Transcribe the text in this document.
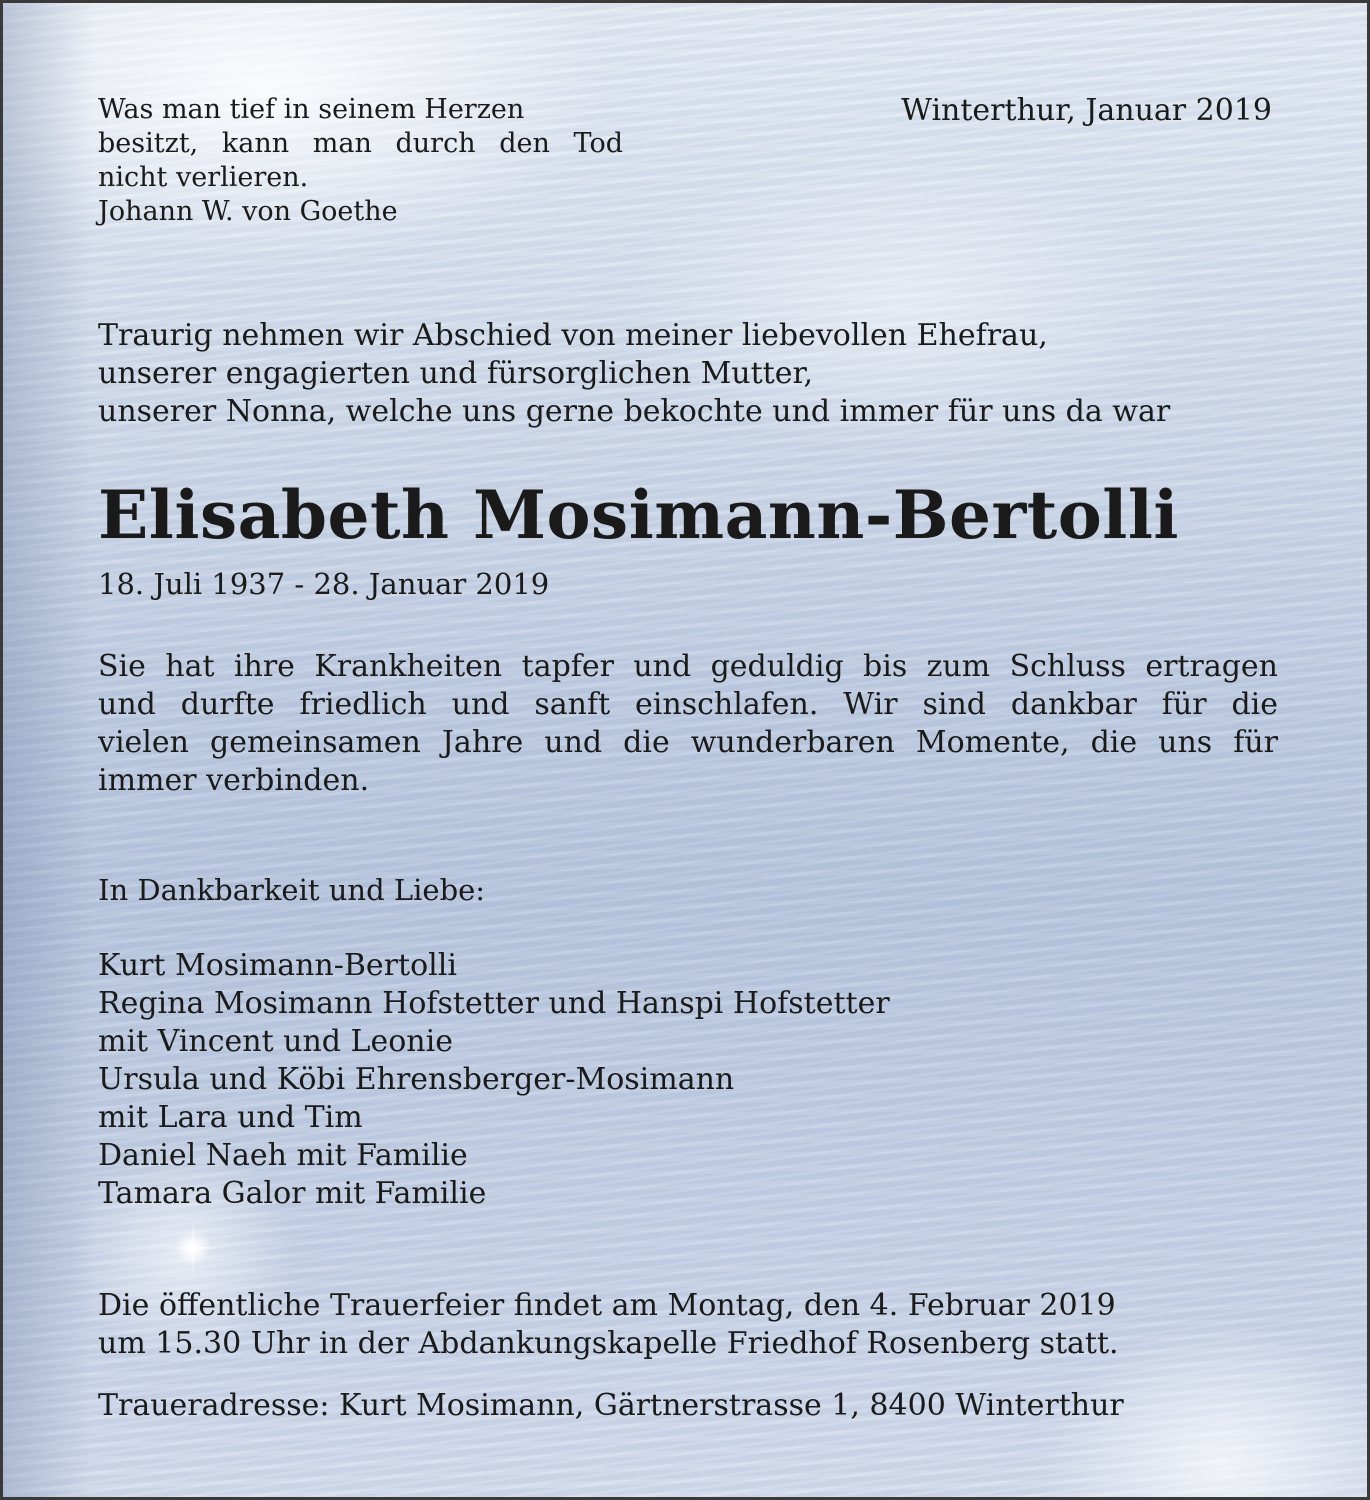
Was man tief in seinem Herzen
besitzt, kann man durch den Tod
nicht verlieren.
Johann W. von Goethe
Winterthur, Januar 2019
Traurig nehmen wir Abschied von meiner liebevollen Ehefrau,
unserer engagierten und fürsorglichen Mutter,
unserer Nonna, welche uns gerne bekochte und immer für uns da war
Elisabeth Mosimann-Bertolli
18. Juli 1937 - 28. Januar 2019
Sie hat ihre Krankheiten tapfer und geduldig bis zum Schluss ertragen
und durfte friedlich und sanft einschlafen. Wir sind dankbar für die
vielen gemeinsamen Jahre und die wunderbaren Momente, die uns für
immer verbinden.
In Dankbarkeit und Liebe:
Kurt Mosimann-Bertolli
Regina Mosimann Hofstetter und Hanspi Hofstetter
mit Vincent und Leonie
Ursula und Köbi Ehrensberger-Mosimann
mit Lara und Tim
Daniel Naeh mit Familie
Tamara Galor mit Familie
Die öffentliche Trauerfeier findet am Montag, den 4. Februar 2019
um 15.30 Uhr in der Abdankungskapelle Friedhof Rosenberg statt.
Traueradresse: Kurt Mosimann, Gärtnerstrasse 1, 8400 Winterthur
